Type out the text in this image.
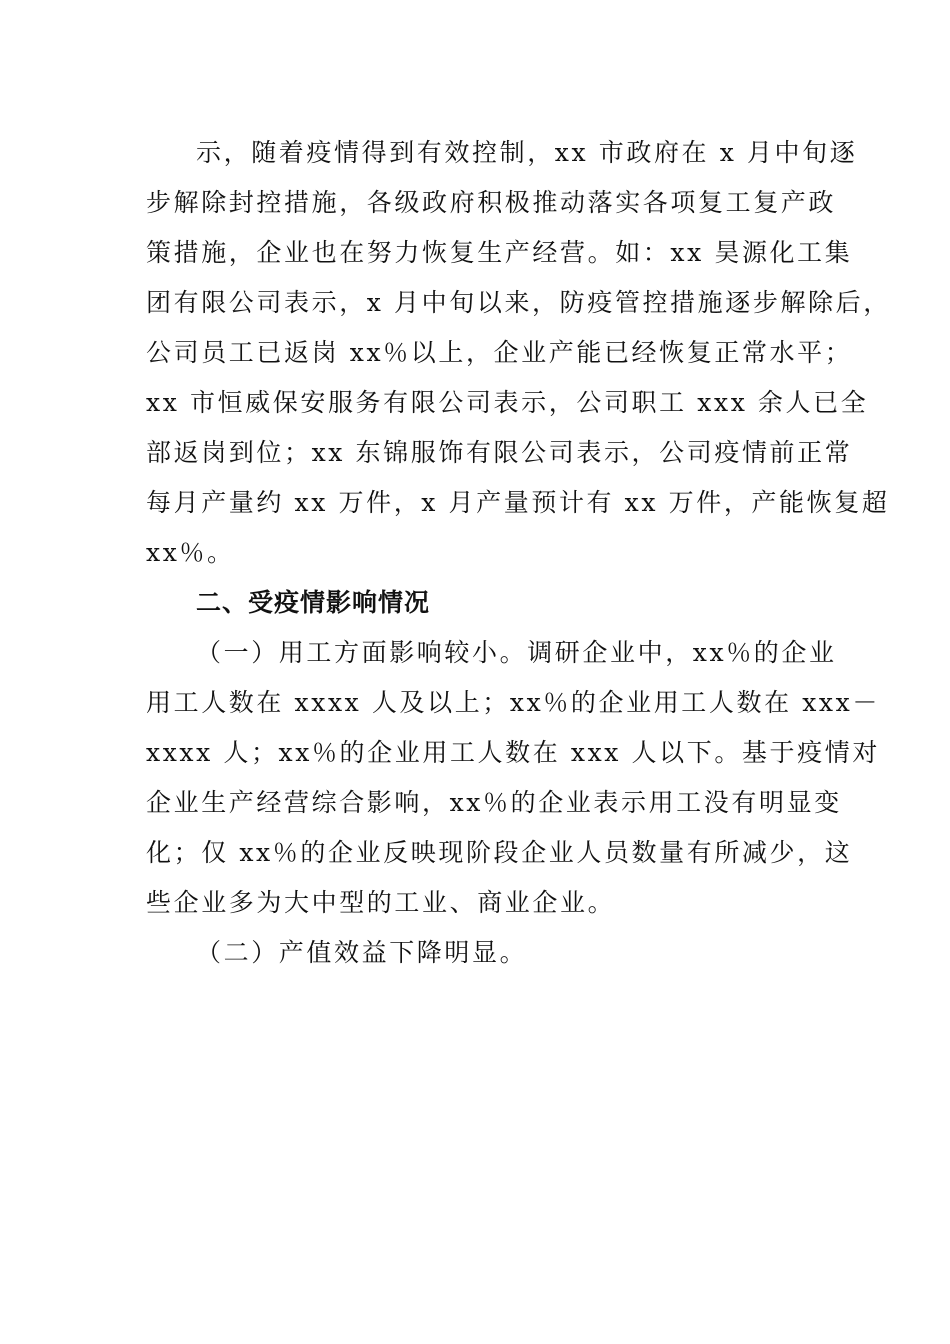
示，随着疫情得到有效控制，xx 市政府在 x 月中旬逐
步解除封控措施，各级政府积极推动落实各项复工复产政
策措施，企业也在努力恢复生产经营。如：xx 昊源化工集
团有限公司表示，x 月中旬以来，防疫管控措施逐步解除后，
公司员工已返岗 xx％以上，企业产能已经恢复正常水平；
xx 市恒威保安服务有限公司表示，公司职工 xxx 余人已全
部返岗到位；xx 东锦服饰有限公司表示，公司疫情前正常
每月产量约 xx 万件，x 月产量预计有 xx 万件，产能恢复超
xx％。
二、受疫情影响情况
（一）用工方面影响较小。调研企业中，xx％的企业
用工人数在 xxxx 人及以上；xx％的企业用工人数在 xxx－
xxxx 人；xx％的企业用工人数在 xxx 人以下。基于疫情对
企业生产经营综合影响，xx％的企业表示用工没有明显变
化；仅 xx％的企业反映现阶段企业人员数量有所减少，这
些企业多为大中型的工业、商业企业。
（二）产值效益下降明显。
